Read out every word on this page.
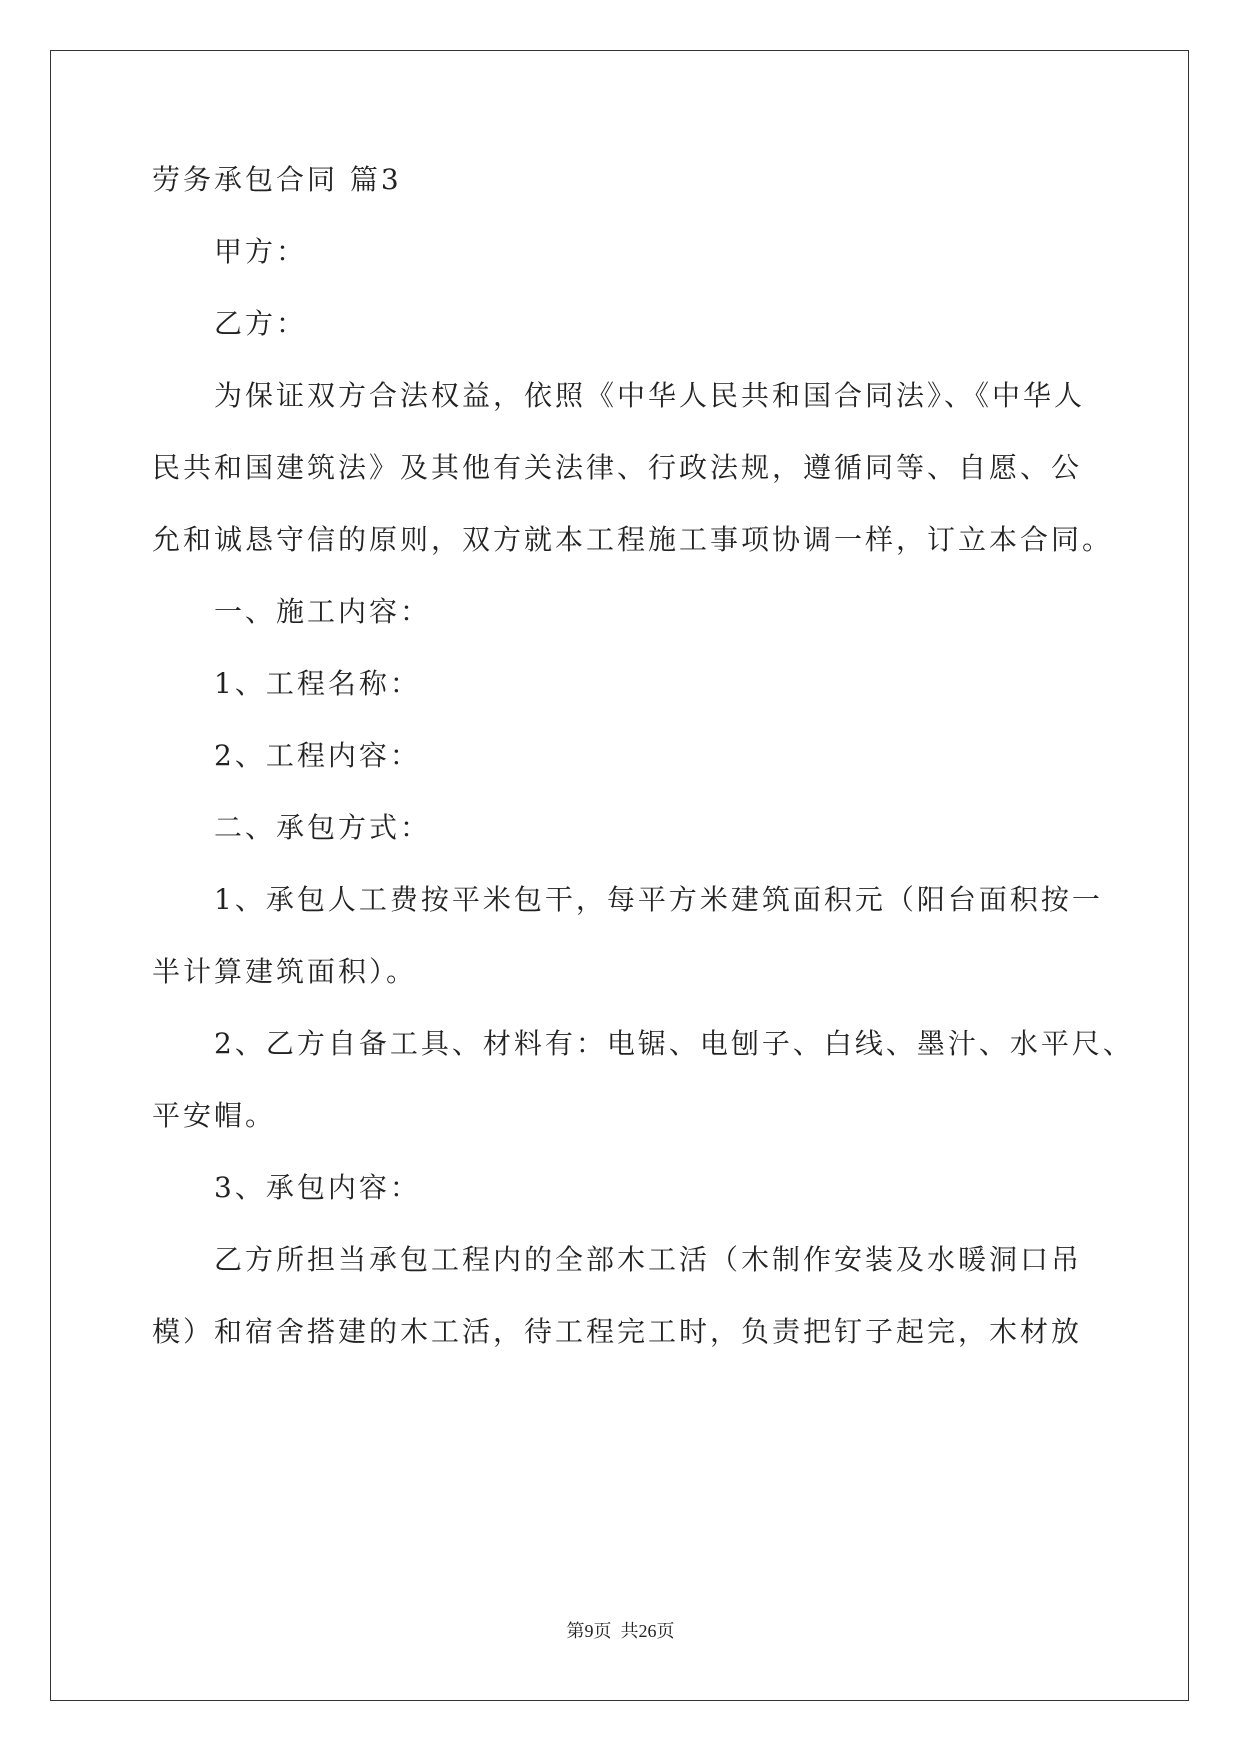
劳务承包合同 篇3
甲方：
乙方：
为保证双方合法权益，依照《中华人民共和国合同法》、《中华人
民共和国建筑法》及其他有关法律、行政法规，遵循同等、自愿、公
允和诚恳守信的原则，双方就本工程施工事项协调一样，订立本合同。
一、施工内容：
1、工程名称：
2、工程内容：
二、承包方式：
1、承包人工费按平米包干，每平方米建筑面积元（阳台面积按一
半计算建筑面积）。
2、乙方自备工具、材料有：电锯、电刨子、白线、墨汁、水平尺、
平安帽。
3、承包内容：
乙方所担当承包工程内的全部木工活（木制作安装及水暖洞口吊
模）和宿舍搭建的木工活，待工程完工时，负责把钉子起完，木材放
第9页  共26页
